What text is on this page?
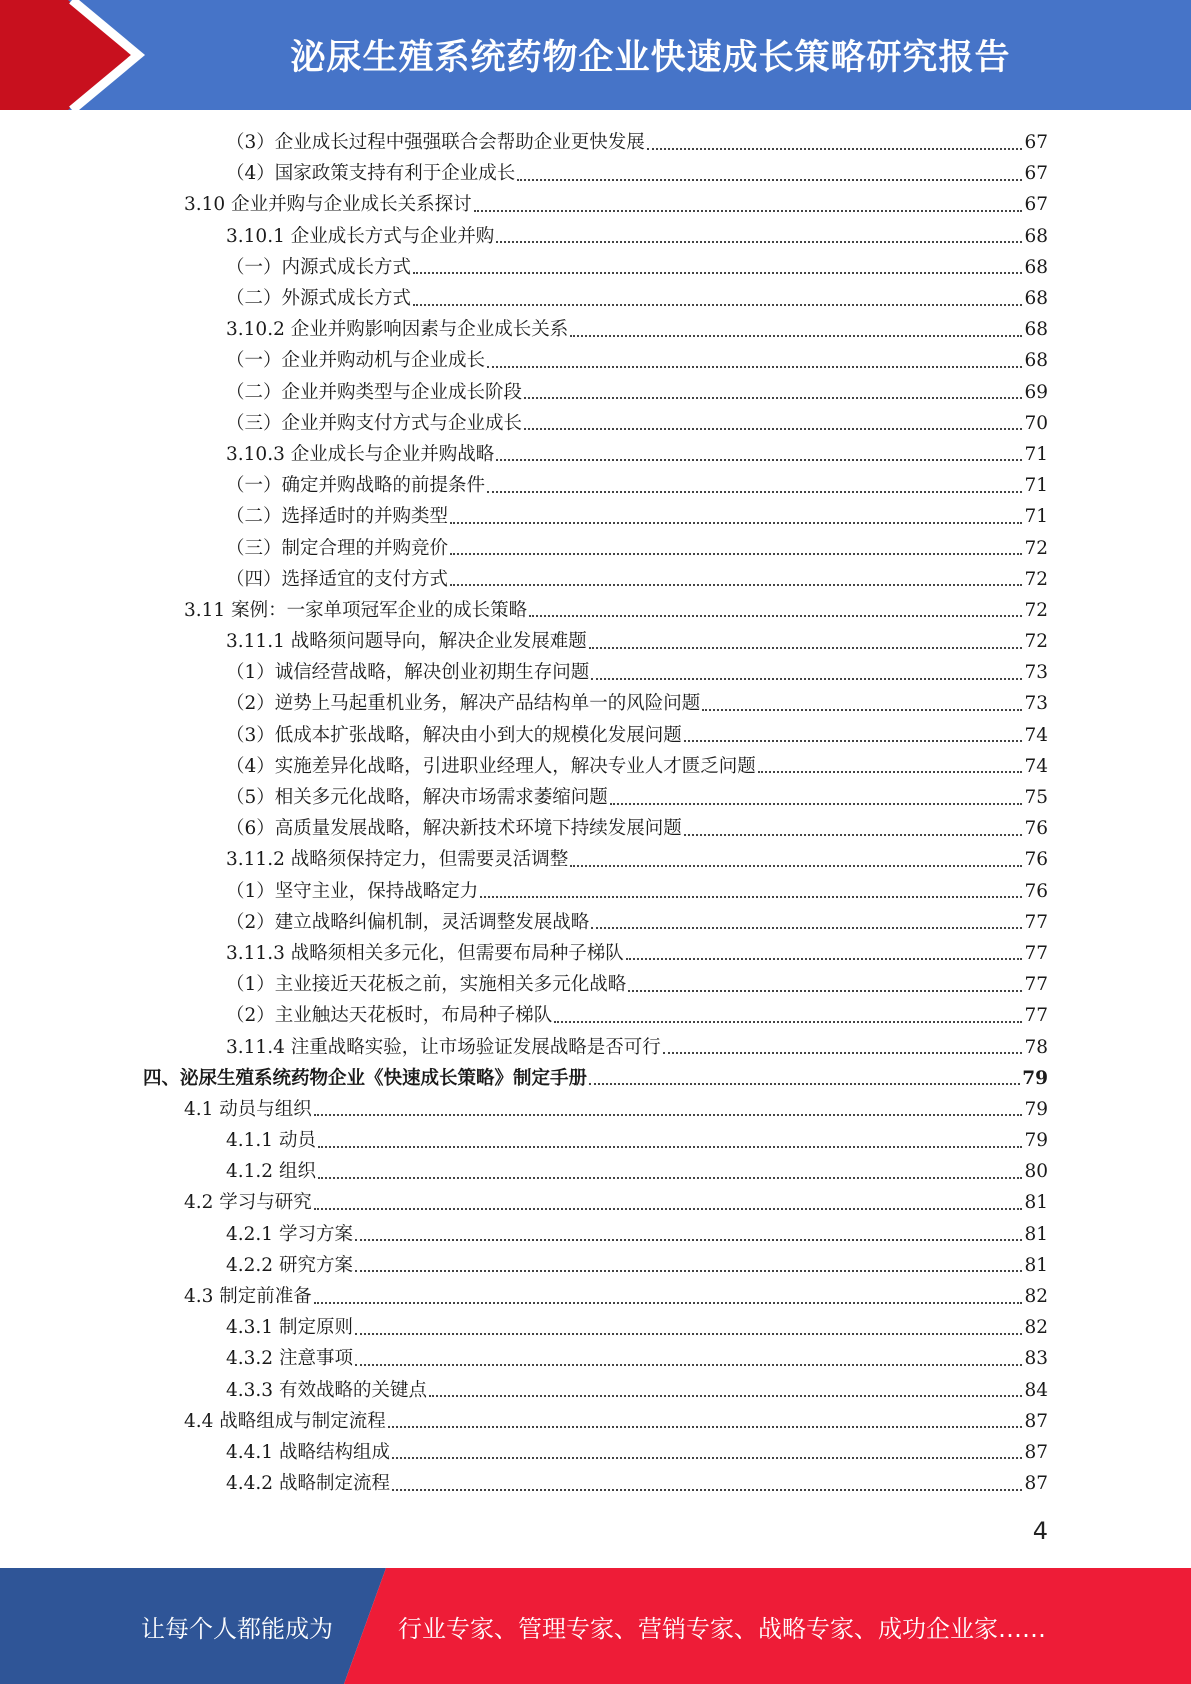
泌尿生殖系统药物企业快速成长策略研究报告
（3）企业成长过程中强强联合会帮助企业更快发展	67
（4）国家政策支持有利于企业成长	67
3.10 企业并购与企业成长关系探讨	67
3.10.1 企业成长方式与企业并购	68
（一）内源式成长方式	68
（二）外源式成长方式	68
3.10.2 企业并购影响因素与企业成长关系	68
（一）企业并购动机与企业成长	68
（二）企业并购类型与企业成长阶段	69
（三）企业并购支付方式与企业成长	70
3.10.3 企业成长与企业并购战略	71
（一）确定并购战略的前提条件	71
（二）选择适时的并购类型	71
（三）制定合理的并购竞价	72
（四）选择适宜的支付方式	72
3.11 案例：一家单项冠军企业的成长策略	72
3.11.1 战略须问题导向，解决企业发展难题	72
（1）诚信经营战略，解决创业初期生存问题	73
（2）逆势上马起重机业务，解决产品结构单一的风险问题	73
（3）低成本扩张战略，解决由小到大的规模化发展问题	74
（4）实施差异化战略，引进职业经理人，解决专业人才匮乏问题	74
（5）相关多元化战略，解决市场需求萎缩问题	75
（6）高质量发展战略，解决新技术环境下持续发展问题	76
3.11.2 战略须保持定力，但需要灵活调整	76
（1）坚守主业，保持战略定力	76
（2）建立战略纠偏机制，灵活调整发展战略	77
3.11.3 战略须相关多元化，但需要布局种子梯队	77
（1）主业接近天花板之前，实施相关多元化战略	77
（2）主业触达天花板时，布局种子梯队	77
3.11.4 注重战略实验，让市场验证发展战略是否可行	78
四、泌尿生殖系统药物企业《快速成长策略》制定手册	79
4.1 动员与组织	79
4.1.1 动员	79
4.1.2 组织	80
4.2 学习与研究	81
4.2.1 学习方案	81
4.2.2 研究方案	81
4.3 制定前准备	82
4.3.1 制定原则	82
4.3.2 注意事项	83
4.3.3 有效战略的关键点	84
4.4 战略组成与制定流程	87
4.4.1 战略结构组成	87
4.4.2 战略制定流程	87
4
让每个人都能成为	行业专家、管理专家、营销专家、战略专家、成功企业家……
